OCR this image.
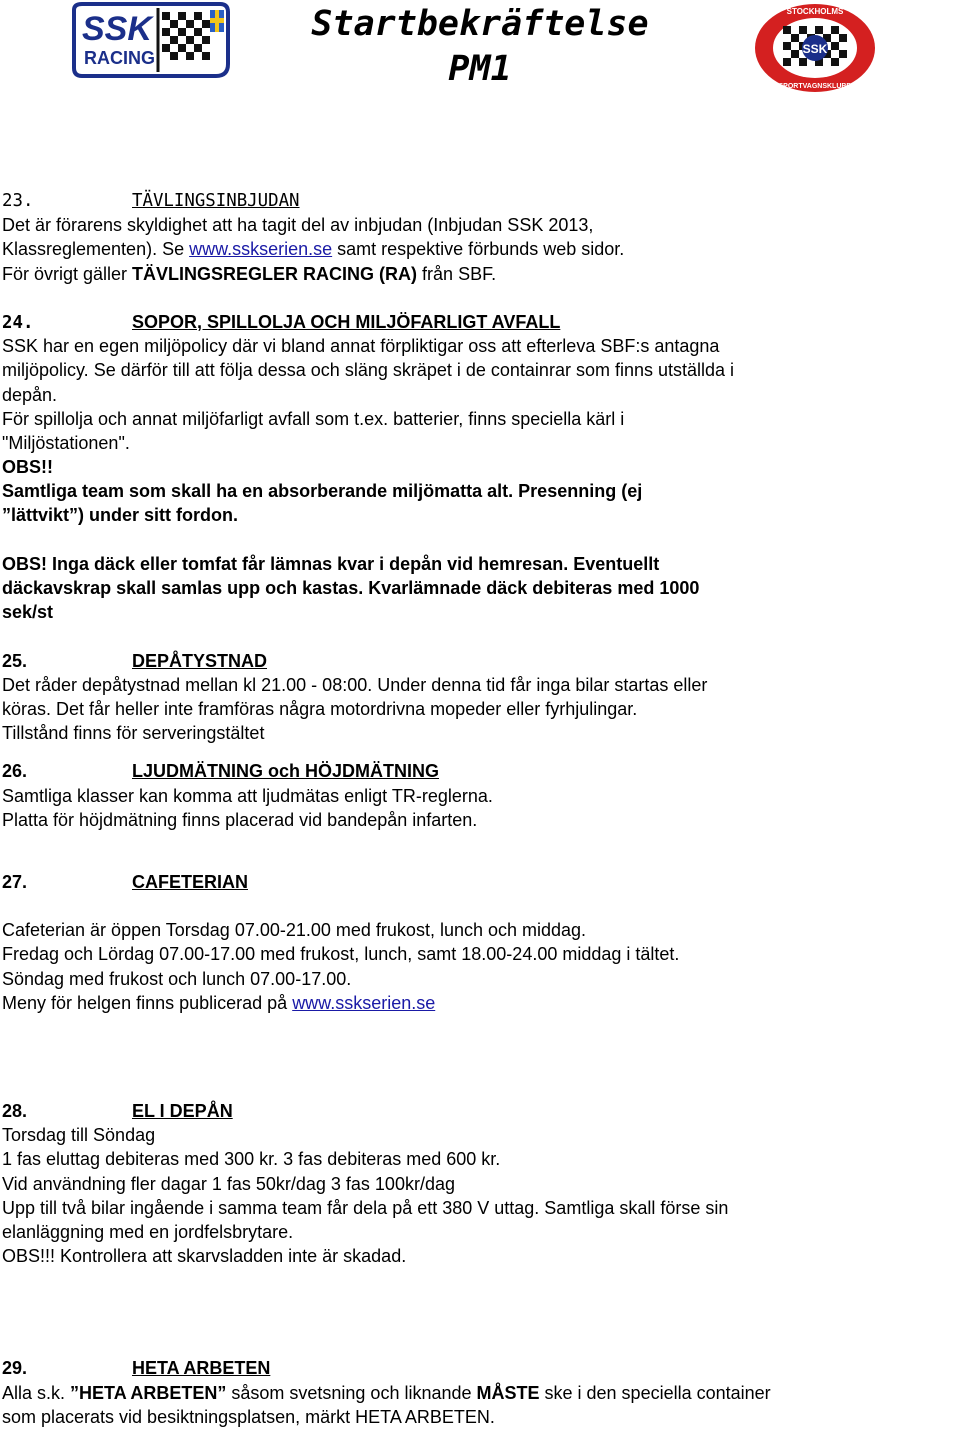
SSK
RACING
Startbekräftelse
PM1	SSK
STOCKHOLMS
SPORTVAGNSKLUBB
23.	TÄVLINGSINBJUDAN
Det är förarens skyldighet att ha tagit del av inbjudan (Inbjudan SSK 2013,
Klassreglementen). Se www.sskserien.se samt respektive förbunds web sidor.
För övrigt gäller TÄVLINGSREGLER RACING (RA) från SBF.
24.	SOPOR, SPILLOLJA OCH MILJÖFARLIGT AVFALL
SSK har en egen miljöpolicy där vi bland annat förpliktigar oss att efterleva SBF:s antagna
miljöpolicy. Se därför till att följa dessa och släng skräpet i de containrar som finns utställda i
depån.
För spillolja och annat miljöfarligt avfall som t.ex. batterier, finns speciella kärl i
"Miljöstationen".
OBS!!
Samtliga team som skall ha en absorberande miljömatta alt. Presenning (ej
”lättvikt”) under sitt fordon.
OBS! Inga däck eller tomfat får lämnas kvar i depån vid hemresan. Eventuellt
däckavskrap skall samlas upp och kastas. Kvarlämnade däck debiteras med 1000
sek/st
25.	DEPÅTYSTNAD
Det råder depåtystnad mellan kl 21.00 - 08:00. Under denna tid får inga bilar startas eller
köras. Det får heller inte framföras några motordrivna mopeder eller fyrhjulingar.
Tillstånd finns för serveringstältet
26.	LJUDMÄTNING och HÖJDMÄTNING
Samtliga klasser kan komma att ljudmätas enligt TR-reglerna.
Platta för höjdmätning finns placerad vid bandepån infarten.
27.	CAFETERIAN
Cafeterian är öppen Torsdag 07.00-21.00 med frukost, lunch och middag.
Fredag och Lördag 07.00-17.00 med frukost, lunch, samt 18.00-24.00 middag i tältet.
Söndag med frukost och lunch 07.00-17.00.
Meny för helgen finns publicerad på www.sskserien.se
28.	EL I DEPÅN
Torsdag till Söndag
1 fas eluttag debiteras med 300 kr. 3 fas debiteras med 600 kr.
Vid användning fler dagar 1 fas 50kr/dag 3 fas 100kr/dag
Upp till två bilar ingående i samma team får dela på ett 380 V uttag. Samtliga skall förse sin
elanläggning med en jordfelsbrytare.
OBS!!! Kontrollera att skarvsladden inte är skadad.
29.	HETA ARBETEN
Alla s.k. ”HETA ARBETEN” såsom svetsning och liknande MÅSTE ske i den speciella container
som placerats vid besiktningsplatsen, märkt HETA ARBETEN.
